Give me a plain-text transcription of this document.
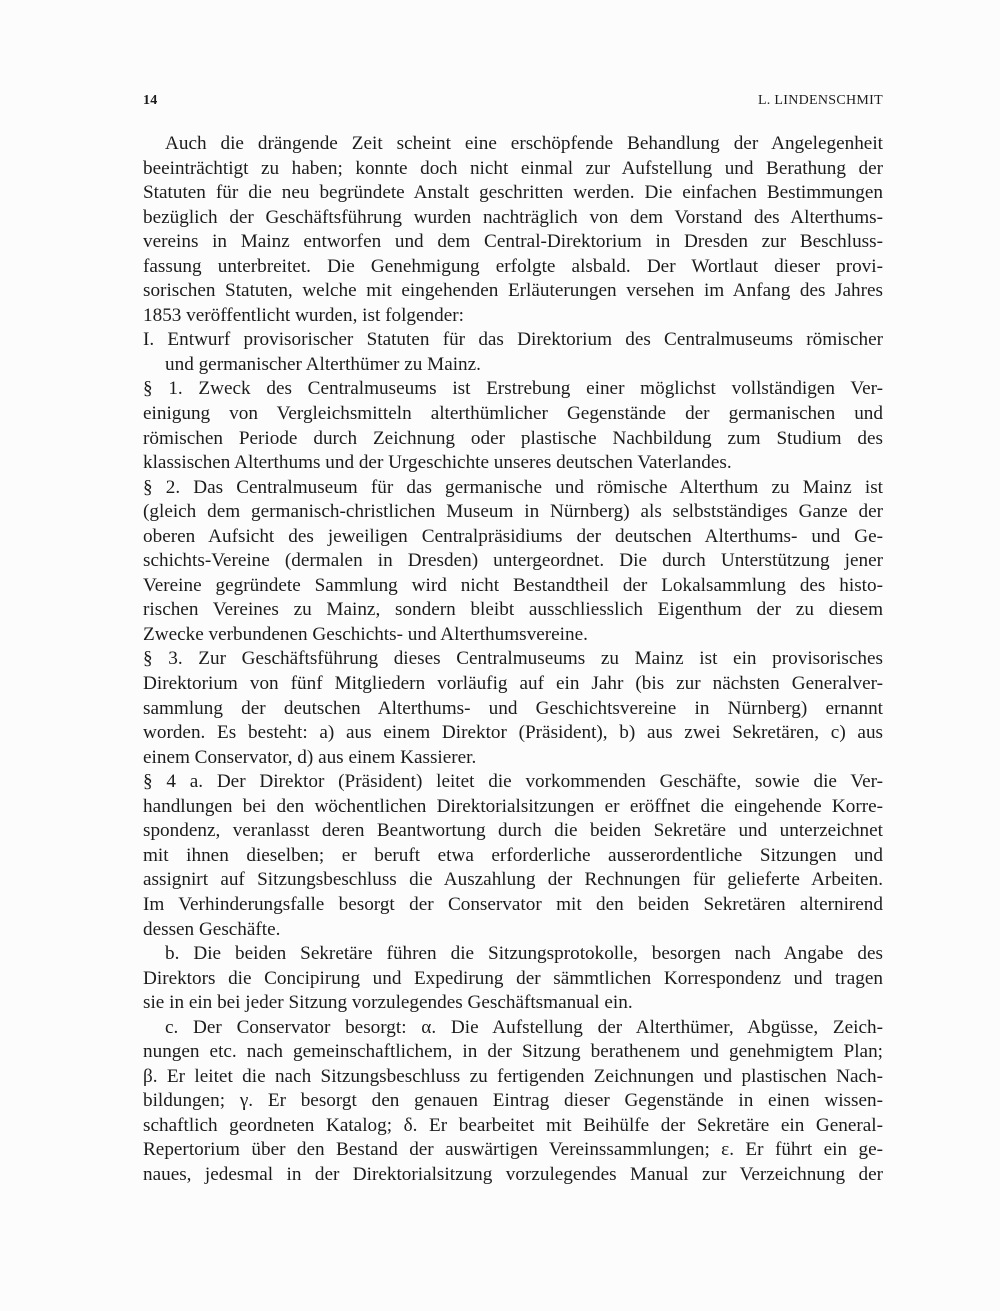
14	L. LINDENSCHMIT
Auch die drängende Zeit scheint eine erschöpfende Behandlung der Angelegenheit
beeinträchtigt zu haben; konnte doch nicht einmal zur Aufstellung und Berathung der
Statuten für die neu begründete Anstalt geschritten werden. Die einfachen Bestimmungen
bezüglich der Geschäftsführung wurden nachträglich von dem Vorstand des Alterthums-
vereins in Mainz entworfen und dem Central-Direktorium in Dresden zur Beschluss-
fassung unterbreitet. Die Genehmigung erfolgte alsbald. Der Wortlaut dieser provi-
sorischen Statuten, welche mit eingehenden Erläuterungen versehen im Anfang des Jahres
1853 veröffentlicht wurden, ist folgender:
I. Entwurf provisorischer Statuten für das Direktorium des Centralmuseums römischer
und germanischer Alterthümer zu Mainz.
§ 1. Zweck des Centralmuseums ist Erstrebung einer möglichst vollständigen Ver-
einigung von Vergleichsmitteln alterthümlicher Gegenstände der germanischen und
römischen Periode durch Zeichnung oder plastische Nachbildung zum Studium des
klassischen Alterthums und der Urgeschichte unseres deutschen Vaterlandes.
§ 2. Das Centralmuseum für das germanische und römische Alterthum zu Mainz ist
(gleich dem germanisch-christlichen Museum in Nürnberg) als selbstständiges Ganze der
oberen Aufsicht des jeweiligen Centralpräsidiums der deutschen Alterthums- und Ge-
schichts-Vereine (dermalen in Dresden) untergeordnet. Die durch Unterstützung jener
Vereine gegründete Sammlung wird nicht Bestandtheil der Lokalsammlung des histo-
rischen Vereines zu Mainz, sondern bleibt ausschliesslich Eigenthum der zu diesem
Zwecke verbundenen Geschichts- und Alterthumsvereine.
§ 3. Zur Geschäftsführung dieses Centralmuseums zu Mainz ist ein provisorisches
Direktorium von fünf Mitgliedern vorläufig auf ein Jahr (bis zur nächsten Generalver-
sammlung der deutschen Alterthums- und Geschichtsvereine in Nürnberg) ernannt
worden. Es besteht: a) aus einem Direktor (Präsident), b) aus zwei Sekretären, c) aus
einem Conservator, d) aus einem Kassierer.
§ 4 a. Der Direktor (Präsident) leitet die vorkommenden Geschäfte, sowie die Ver-
handlungen bei den wöchentlichen Direktorialsitzungen er eröffnet die eingehende Korre-
spondenz, veranlasst deren Beantwortung durch die beiden Sekretäre und unterzeichnet
mit ihnen dieselben; er beruft etwa erforderliche ausserordentliche Sitzungen und
assignirt auf Sitzungsbeschluss die Auszahlung der Rechnungen für gelieferte Arbeiten.
Im Verhinderungsfalle besorgt der Conservator mit den beiden Sekretären alternirend
dessen Geschäfte.
b. Die beiden Sekretäre führen die Sitzungsprotokolle, besorgen nach Angabe des
Direktors die Concipirung und Expedirung der sämmtlichen Korrespondenz und tragen
sie in ein bei jeder Sitzung vorzulegendes Geschäftsmanual ein.
c. Der Conservator besorgt: α. Die Aufstellung der Alterthümer, Abgüsse, Zeich-
nungen etc. nach gemeinschaftlichem, in der Sitzung berathenem und genehmigtem Plan;
β. Er leitet die nach Sitzungsbeschluss zu fertigenden Zeichnungen und plastischen Nach-
bildungen; γ. Er besorgt den genauen Eintrag dieser Gegenstände in einen wissen-
schaftlich geordneten Katalog; δ. Er bearbeitet mit Beihülfe der Sekretäre ein General-
Repertorium über den Bestand der auswärtigen Vereinssammlungen; ε. Er führt ein ge-
naues, jedesmal in der Direktorialsitzung vorzulegendes Manual zur Verzeichnung der
